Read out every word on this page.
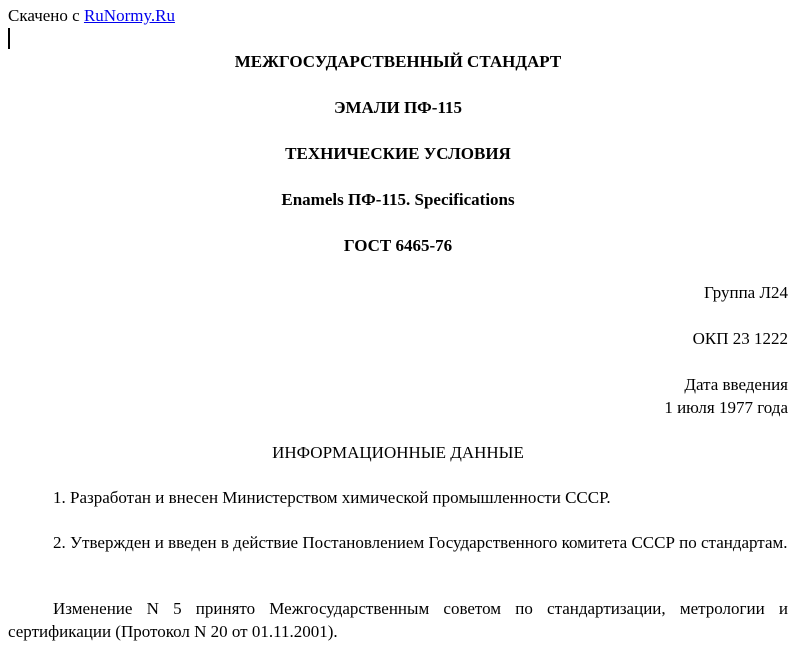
Скачено с RuNormy.Ru
МЕЖГОСУДАРСТВЕННЫЙ СТАНДАРТ
ЭМАЛИ ПФ-115
ТЕХНИЧЕСКИЕ УСЛОВИЯ
Enamels ПФ-115. Specifications
ГОСТ 6465-76
Группа Л24
ОКП 23 1222
Дата введения
1 июля 1977 года
ИНФОРМАЦИОННЫЕ ДАННЫЕ
1. Разработан и внесен Министерством химической промышленности СССР.
2. Утвержден и введен в действие Постановлением Государственного комитета СССР по стандартам.
Изменение N 5 принято Межгосударственным советом по стандартизации, метрологии и сертификации (Протокол N 20 от 01.11.2001).
